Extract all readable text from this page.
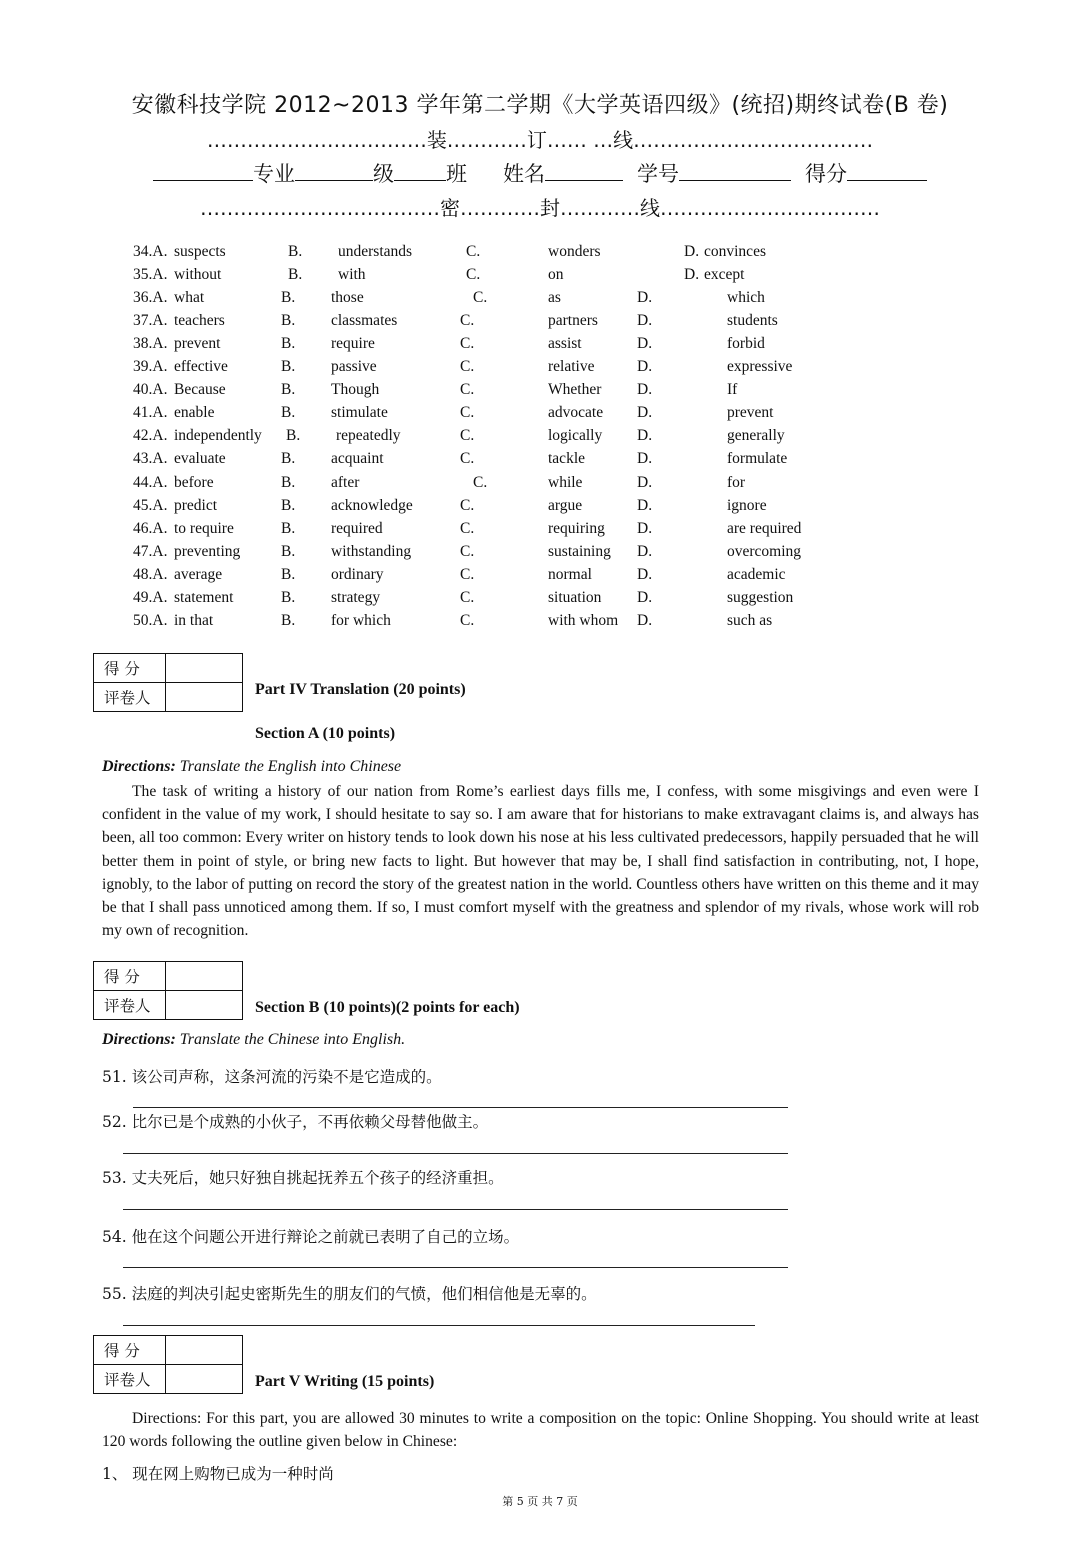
安徽科技学院 2012~2013 学年第二学期《大学英语四级》(统招)期终试卷(B 卷)
……………………………装…………订…… …线………………………………
专业	级 班 姓名	学号	得分
………………………………密…………封…………线……………………………
34.A. suspects	B. understands	C.	wonders	D. convinces
35.A. without	B. with	C.	on	D. except
36.A. what	B. those	C.	as	D.	which
37.A. teachers	B. classmates	C.	partners	D.	students
38.A. prevent	B. require	C.	assist	D.	forbid
39.A. effective	B. passive	C.	relative	D.	expressive
40.A. Because	B. Though	C.	Whether D.	If
41.A. enable	B. stimulate	C.	advocate D.	prevent
42.A. independently B. repeatedly	C.	logically D.	generally
43.A. evaluate	B. acquaint	C.	tackle	D.	formulate
44.A. before	B. after	C.	while	D.	for
45.A. predict	B. acknowledge	C.	argue	D.	ignore
46.A. to require	B. required	C.	requiring D.	are required
47.A. preventing	B. withstanding	C.	sustaining D.	overcoming
48.A. average	B. ordinary	C.	normal	D.	academic
49.A. statement	B. strategy	C.	situation D.	suggestion
50.A. in that	B. for which	C.	with whom D.	such as
得 分	
评卷人		Part IV Translation (20 points)
Section A (10 points)
Directions: Translate the English into Chinese
The task of writing a history of our nation from Rome’s earliest days fills me, I confess, with some misgivings and even were I confident in the value of my work, I should hesitate to say so. I am aware that for historians to make extravagant claims is, and always has been, all too common: Every writer on history tends to look down his nose at his less cultivated predecessors, happily persuaded that he will better them in point of style, or bring new facts to light. But however that may be, I shall find satisfaction in contributing, not, I hope, ignobly, to the labor of putting on record the story of the greatest nation in the world. Countless others have written on this theme and it may be that I shall pass unnoticed among them. If so, I must comfort myself with the greatness and splendor of my rivals, whose work will rob my own of recognition.
得 分	
评卷人		Section B (10 points)(2 points for each)
Directions: Translate the Chinese into English.
51. 该公司声称，这条河流的污染不是它造成的。
52. 比尔已是个成熟的小伙子，不再依赖父母替他做主。
53. 丈夫死后，她只好独自挑起抚养五个孩子的经济重担。
54. 他在这个问题公开进行辩论之前就已表明了自己的立场。
55. 法庭的判决引起史密斯先生的朋友们的气愤，他们相信他是无辜的。
得 分	
评卷人		Part V Writing (15 points)
Directions: For this part, you are allowed 30 minutes to write a composition on the topic: Online Shopping. You should write at least 120 words following the outline given below in Chinese:
1、 现在网上购物已成为一种时尚
第 5 页 共 7 页
